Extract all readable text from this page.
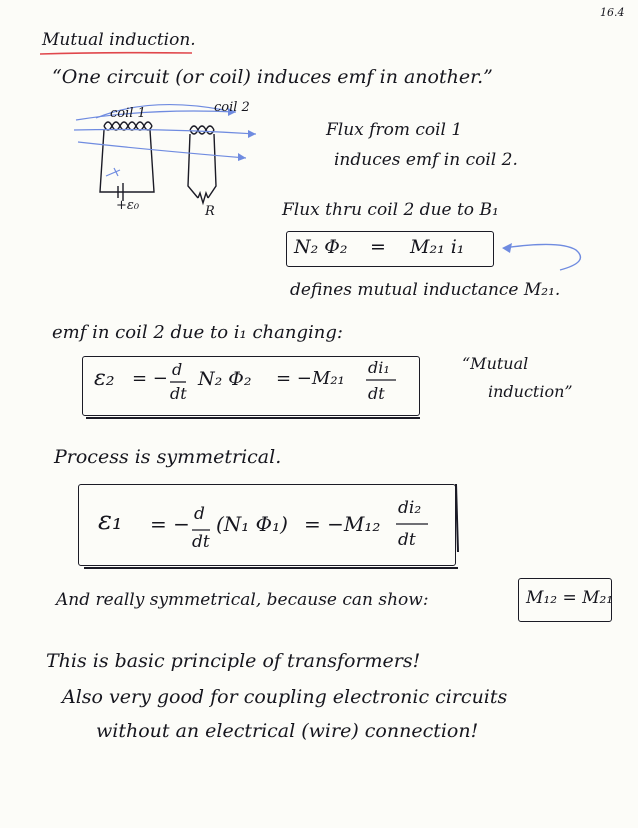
16.4
Mutual induction.
“One circuit (or coil) induces emf in another.”
coil 1	coil 2
+ε₀	R
Flux from coil 1
induces emf in coil 2.
Flux thru coil 2 due to B₁
N₂ Φ₂ = M₂₁ i₁
defines mutual inductance M₂₁.
emf in coil 2 due to i₁ changing:
ε₂ = − d
dt
N₂ Φ₂ = −M₂₁
di₁
dt
“Mutual
induction”
Process is symmetrical.
ε₁ = − d
dt
(N₁ Φ₁) = −M₁₂
di₂
dt
And really symmetrical, because can show:	M₁₂ = M₂₁
This is basic principle of transformers!
Also very good for coupling electronic circuits
without an electrical (wire) connection!
